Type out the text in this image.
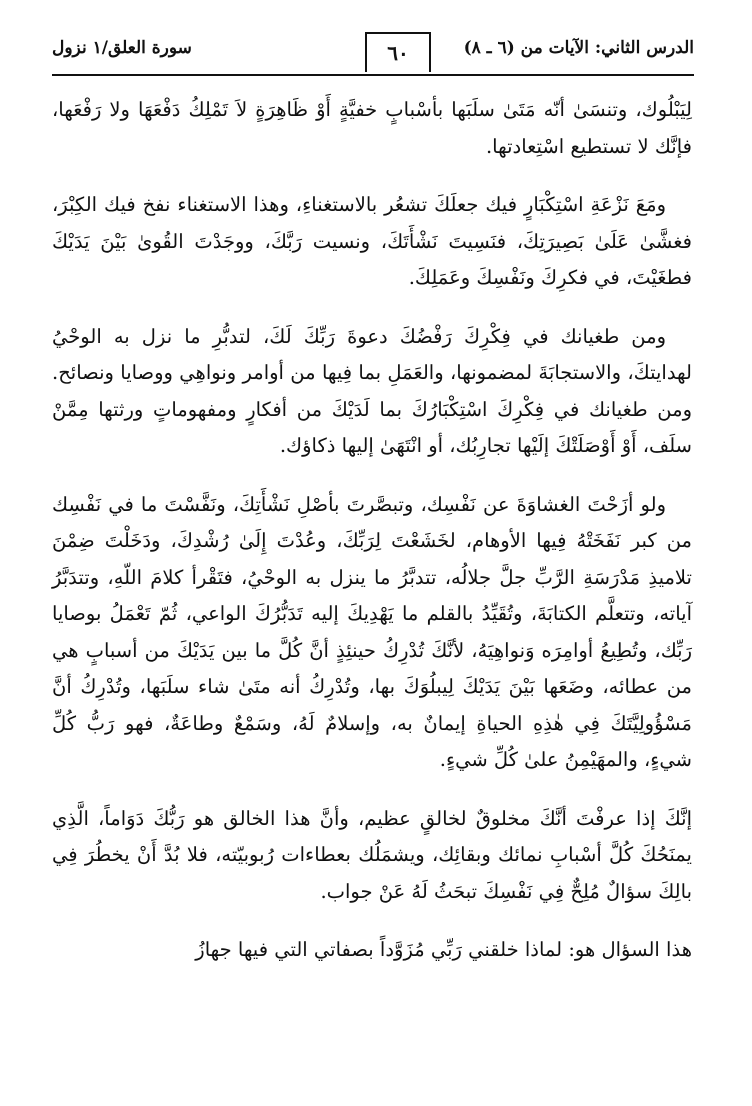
الدرس الثاني: الآيات من (٦ ـ ٨)
٦٠
سورة العلق/١ نزول

لِيَبْلُوك، وتنسَىٰ أنّه مَتَىٰ سلَبَها بأسْبابٍ خفيَّةٍ أَوْ ظَاهِرَةٍ لاَ تَمْلِكُ دَفْعَهَا ولا رَفْعَها، فإنَّك لا تستطيع اسْتِعادتها.

ومَعَ نَزْعَةِ اسْتِكْبَارٍ فيك جعلَكَ تشعُر بالاستغناءِ، وهذا الاستغناء نفخ فيك الكِبْرَ، فغشَّىٰ عَلَىٰ بَصِيرَتِكَ، فنَسِيتَ نَشْأَتَكَ، ونسيت رَبَّكَ، ووجَدْتَ القُوىٰ بَيْنَ يَدَيْكَ فطغَيْتَ، في فكرِكَ ونَفْسِكَ وعَمَلِكَ.

ومن طغيانك في فِكْرِكَ رَفْضُكَ دعوةَ رَبِّكَ لَكَ، لتدبُّرِ ما نزل به الوحْيُ لهدايتكَ، والاستجابَةَ لمضمونها، والعَمَلِ بما فِيها من أوامر ونواهِي ووصايا ونصائح. ومن طغيانك في فِكْرِكَ اسْتِكْبَارُكَ بما لَدَيْكَ من أفكارٍ ومفهوماتٍ ورثتها مِمَّنْ سلَف، أَوْ أَوْصَلَتْكَ إلَيْها تجارِبُك، أو انْتَهَىٰ إليها ذكاؤك.

ولو أزَحْتَ الغشاوَةَ عن نَفْسِك، وتبصَّرتَ بأصْلِ نَشْأَتِكَ، ونَفَّسْتَ ما في نَفْسِك من كبر نَفَخَتْهُ فِيها الأوهام، لخَشَعْتَ لِرَبِّكَ، وعُدْتَ إِلَىٰ رُشْدِكَ، ودَخَلْتَ ضِمْنَ تلاميذِ مَدْرَسَةِ الرَّبِّ جلَّ جلالُه، تتدبَّرُ ما ينزل به الوحْيُ، فتَقْرأ كلامَ اللّهِ، وتتدَبَّرُ آياته، وتتعلَّم الكتابَةَ، وتُقَيِّدُ بالقلم ما يَهْدِيكَ إليه تَدَبُّرُكَ الواعي، ثُمّ تَعْمَلُ بوصايا رَبِّك، وتُطِيعُ أوامِرَه وَنواهِيَهُ، لأنَّكَ تُدْرِكُ حينئِذٍ أنَّ كُلَّ ما بين يَدَيْكَ من أسبابٍ هي من عطائه، وضَعَها بَيْنَ يَدَيْكَ لِيبلُوَكَ بها، وتُدْرِكُ أنه متَىٰ شاء سلَبَها، وتُدْرِكُ أنَّ مَسْؤُولِيَّتَكَ فِي هٰذِهِ الحياةِ إيمانٌ به، وإسلامٌ لَهُ، وسَمْعٌ وطاعَةٌ، فهو رَبُّ كُلِّ شيءٍ، والمهَيْمِنُ علىٰ كُلِّ شيءٍ.

إنَّكَ إذا عرفْتَ أنَّكَ مخلوقٌ لخالقٍ عظيم، وأنَّ هذا الخالق هو رَبُّكَ دَوَاماً، الَّذِي يمنَحُكَ كُلَّ أسْبابِ نمائك وبقائِك، ويشمَلُك بعطاءات رُبوبيّته، فلا بُدَّ أَنْ يخطُرَ فِي بالِكَ سؤالٌ مُلِحٌّ فِي نَفْسِكَ تبحَثُ لَهُ عَنْ جواب.

هذا السؤال هو: لماذا خلقني رَبِّي مُزَوَّداً بصفاتي التي فيها جهازُ
